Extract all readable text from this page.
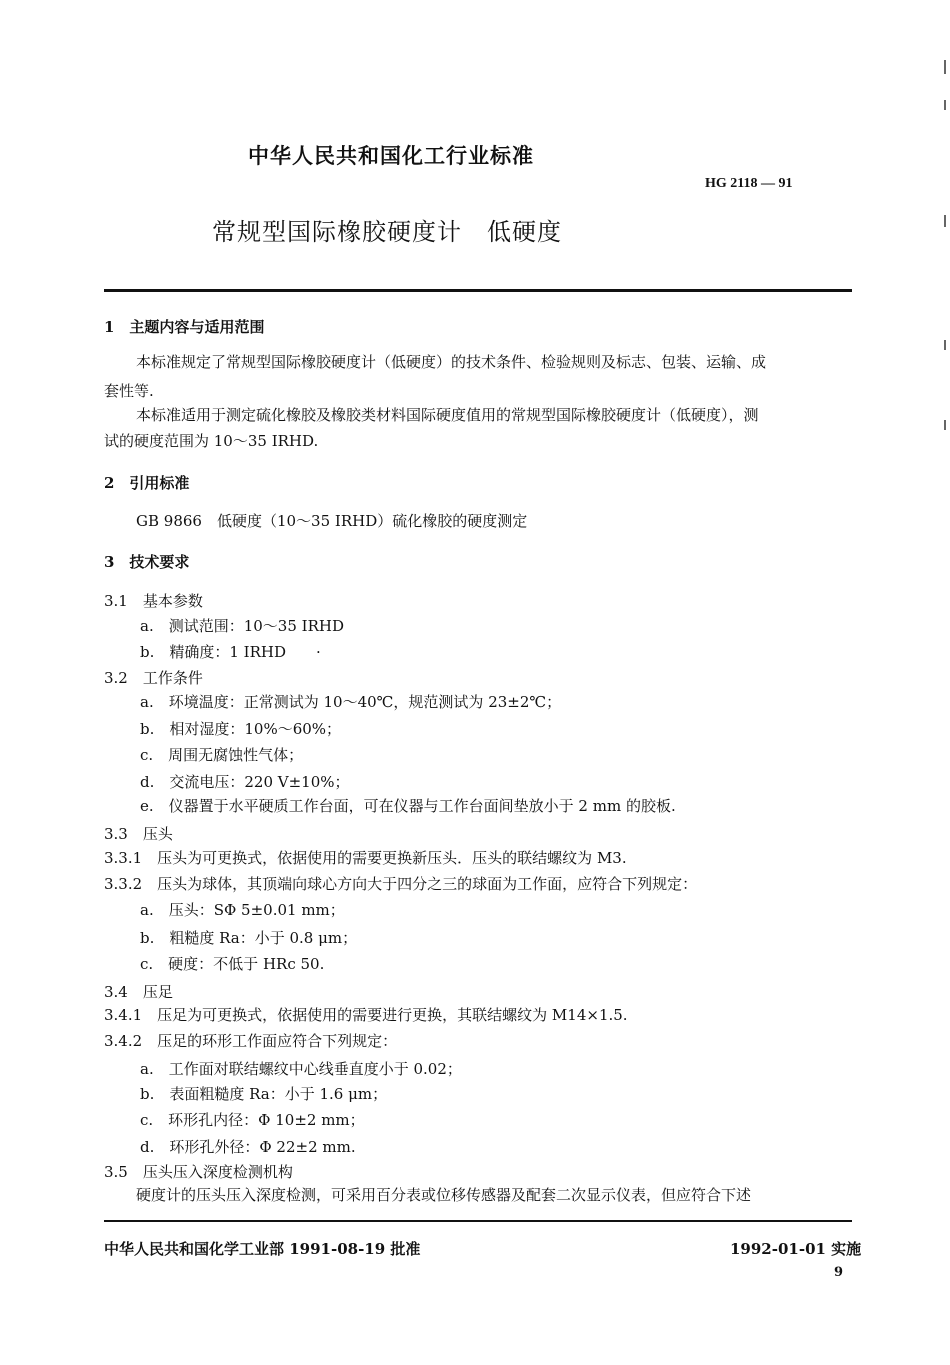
中华人民共和国化工行业标准
HG 2118 — 91
常规型国际橡胶硬度计　低硬度
1　主题内容与适用范围
本标准规定了常规型国际橡胶硬度计（低硬度）的技术条件、检验规则及标志、包装、运输、成
套性等.
本标准适用于测定硫化橡胶及橡胶类材料国际硬度值用的常规型国际橡胶硬度计（低硬度），测
试的硬度范围为 10～35 IRHD.
2　引用标准
GB 9866　低硬度（10～35 IRHD）硫化橡胶的硬度测定
3　技术要求
3.1　基本参数
a.　测试范围：10～35 IRHD
b.　精确度：1 IRHD　　·
3.2　工作条件
a.　环境温度：正常测试为 10～40℃，规范测试为 23±2℃；
b.　相对湿度：10%～60%；
c.　周围无腐蚀性气体；
d.　交流电压：220 V±10%；
e.　仪器置于水平硬质工作台面，可在仪器与工作台面间垫放小于 2 mm 的胶板.
3.3　压头
3.3.1　压头为可更换式，依据使用的需要更换新压头．压头的联结螺纹为 M3.
3.3.2　压头为球体，其顶端向球心方向大于四分之三的球面为工作面，应符合下列规定：
a.　压头：SΦ 5±0.01 mm；
b.　粗糙度 Ra：小于 0.8 μm；
c.　硬度：不低于 HRc 50.
3.4　压足
3.4.1　压足为可更换式，依据使用的需要进行更换，其联结螺纹为 M14×1.5.
3.4.2　压足的环形工作面应符合下列规定：
a.　工作面对联结螺纹中心线垂直度小于 0.02；
b.　表面粗糙度 Ra：小于 1.6 μm；
c.　环形孔内径：Φ 10±2 mm；
d.　环形孔外径：Φ 22±2 mm.
3.5　压头压入深度检测机构
硬度计的压头压入深度检测，可采用百分表或位移传感器及配套二次显示仪表，但应符合下述
中华人民共和国化学工业部 1991-08-19 批准	1992-01-01 实施
9
